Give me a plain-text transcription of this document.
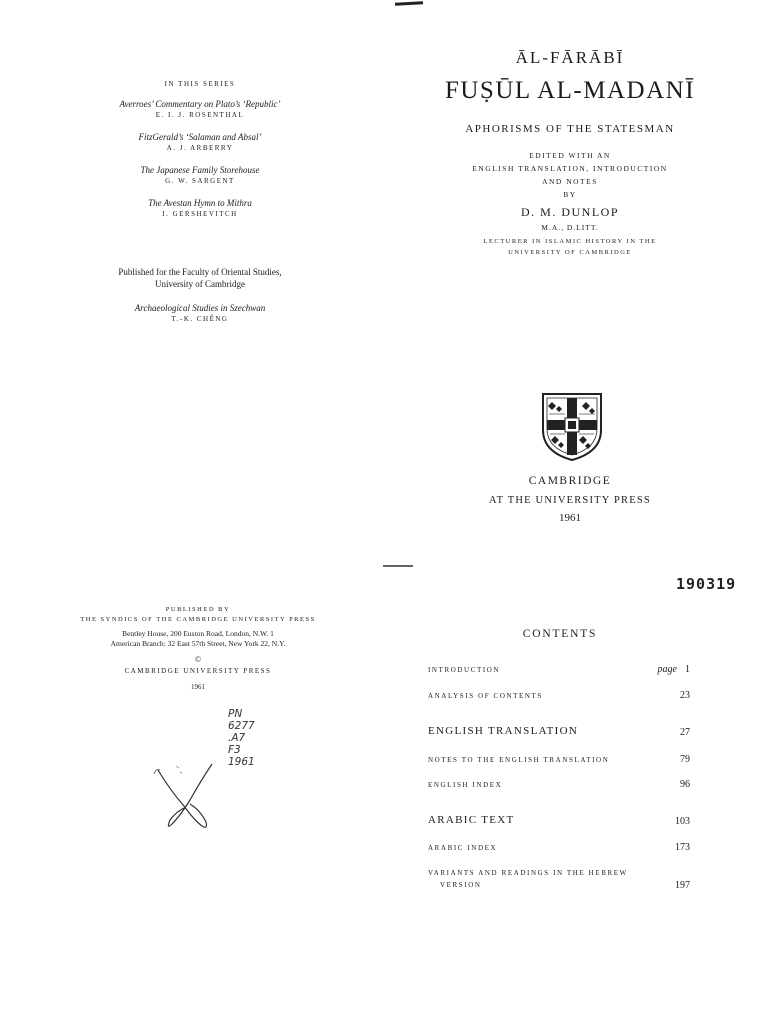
IN THIS SERIES
Averroes’ Commentary on Plato’s ‘Republic’
E. I. J. ROSENTHAL
FitzGerald’s ‘Salaman and Absal’
A. J. ARBERRY
The Japanese Family Storehouse
G. W. SARGENT
The Avestan Hymn to Mithra
I. GERSHEVITCH
Published for the Faculty of Oriental Studies,
University of Cambridge
Archaeological Studies in Szechwan
T.-K. CHÊNG
ĀL-FĀRĀBĪ
FUṢŪL AL-MADANĪ
APHORISMS OF THE STATESMAN
EDITED WITH AN
ENGLISH TRANSLATION, INTRODUCTION
AND NOTES
BY
D. M. DUNLOP
M.A., D.LITT.
LECTURER IN ISLAMIC HISTORY IN THE
UNIVERSITY OF CAMBRIDGE
CAMBRIDGE
AT THE UNIVERSITY PRESS
1961
190319
PUBLISHED BY
THE SYNDICS OF THE CAMBRIDGE UNIVERSITY PRESS
Bentley House, 200 Euston Road, London, N.W. 1
American Branch: 32 East 57th Street, New York 22, N.Y.
©
CAMBRIDGE UNIVERSITY PRESS
1961
PN
6277
.A7
F3
1961
CONTENTS
INTRODUCTION	page 1
ANALYSIS OF CONTENTS	23
ENGLISH TRANSLATION	27
NOTES TO THE ENGLISH TRANSLATION	79
ENGLISH INDEX	96
ARABIC TEXT	103
ARABIC INDEX	173
VARIANTS AND READINGS IN THE HEBREW
VERSION	197
